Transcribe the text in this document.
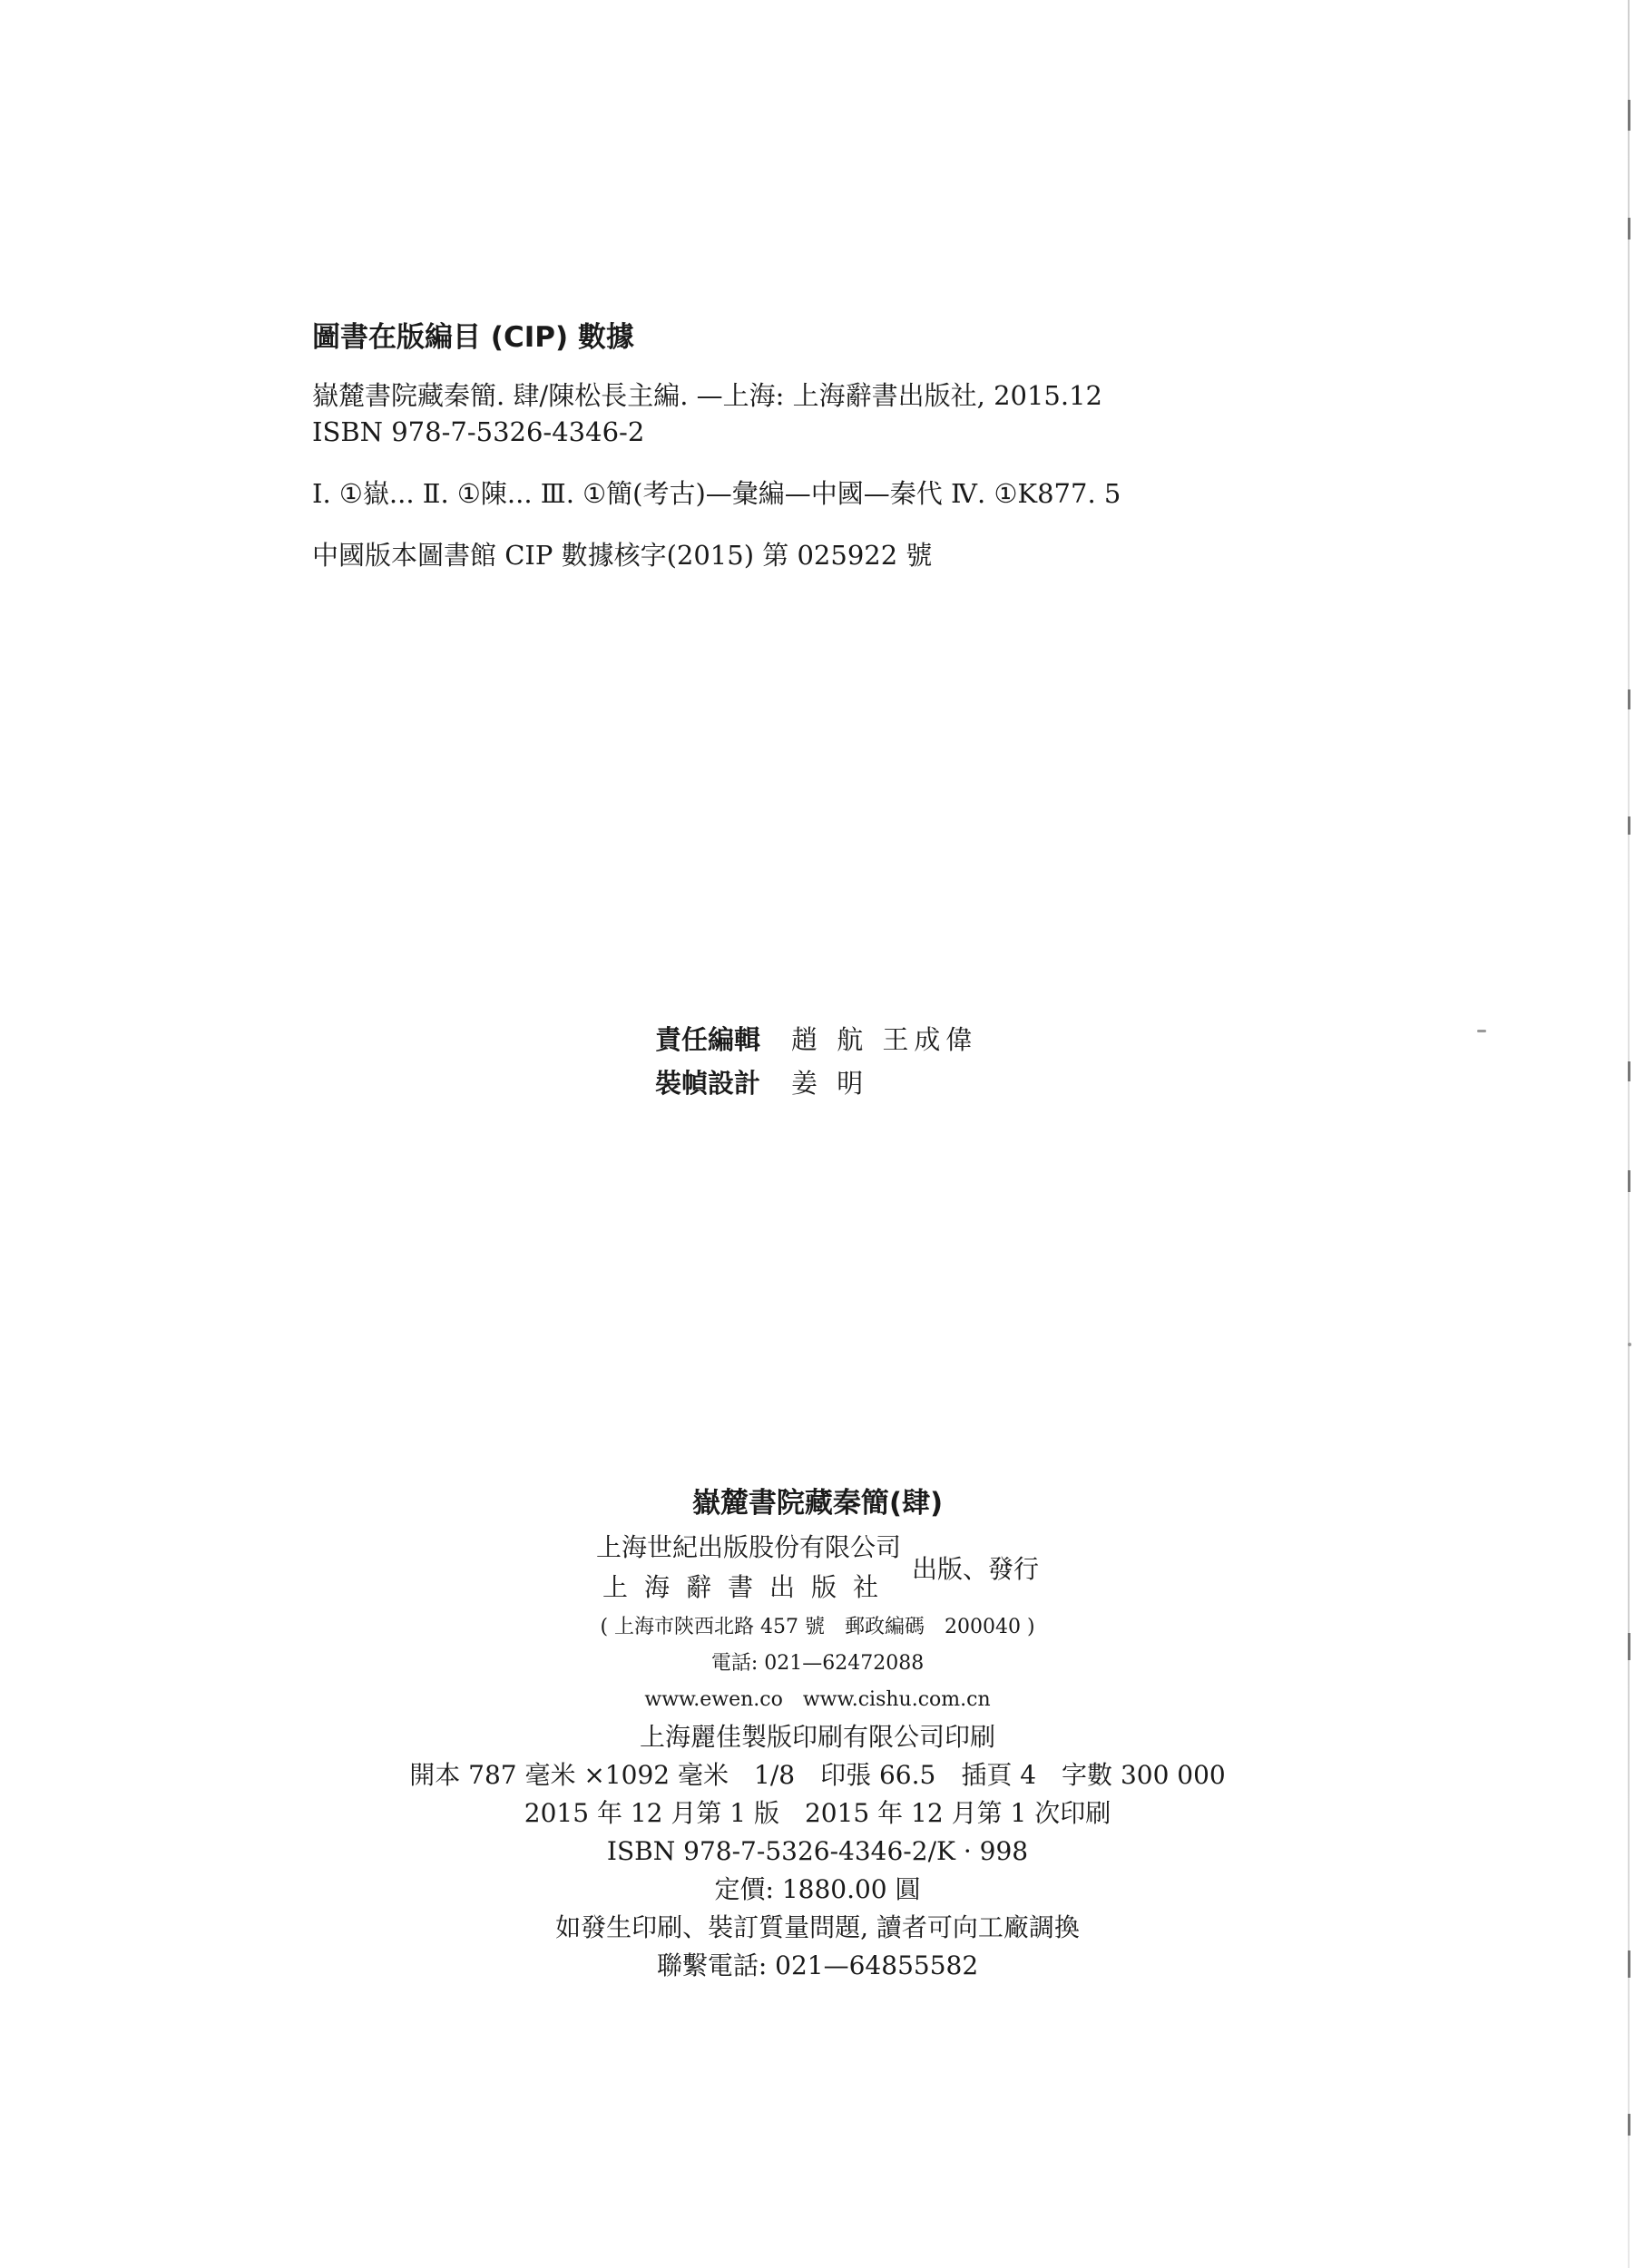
圖書在版編目 (CIP) 數據
嶽麓書院藏秦簡. 肆/陳松長主編. —上海: 上海辭書出版社, 2015.12
ISBN 978-7-5326-4346-2
Ⅰ. ①嶽... Ⅱ. ①陳... Ⅲ. ①簡(考古)—彙編—中國—秦代 Ⅳ. ①K877. 5
中國版本圖書館 CIP 數據核字(2015) 第 025922 號
責任編輯	趙 航 王成偉
裝幀設計	姜 明
嶽麓書院藏秦簡(肆)
上海世紀出版股份有限公司
上海辭書出版社
出版、發行
( 上海市陝西北路 457 號　郵政編碼　200040 )
電話: 021—62472088
www.ewen.co　www.cishu.com.cn
上海麗佳製版印刷有限公司印刷
開本 787 毫米 ×1092 毫米　1/8　印張 66.5　插頁 4　字數 300 000
2015 年 12 月第 1 版　2015 年 12 月第 1 次印刷
ISBN 978-7-5326-4346-2/K · 998
定價: 1880.00 圓
如發生印刷、裝訂質量問題, 讀者可向工廠調換
聯繫電話: 021—64855582
